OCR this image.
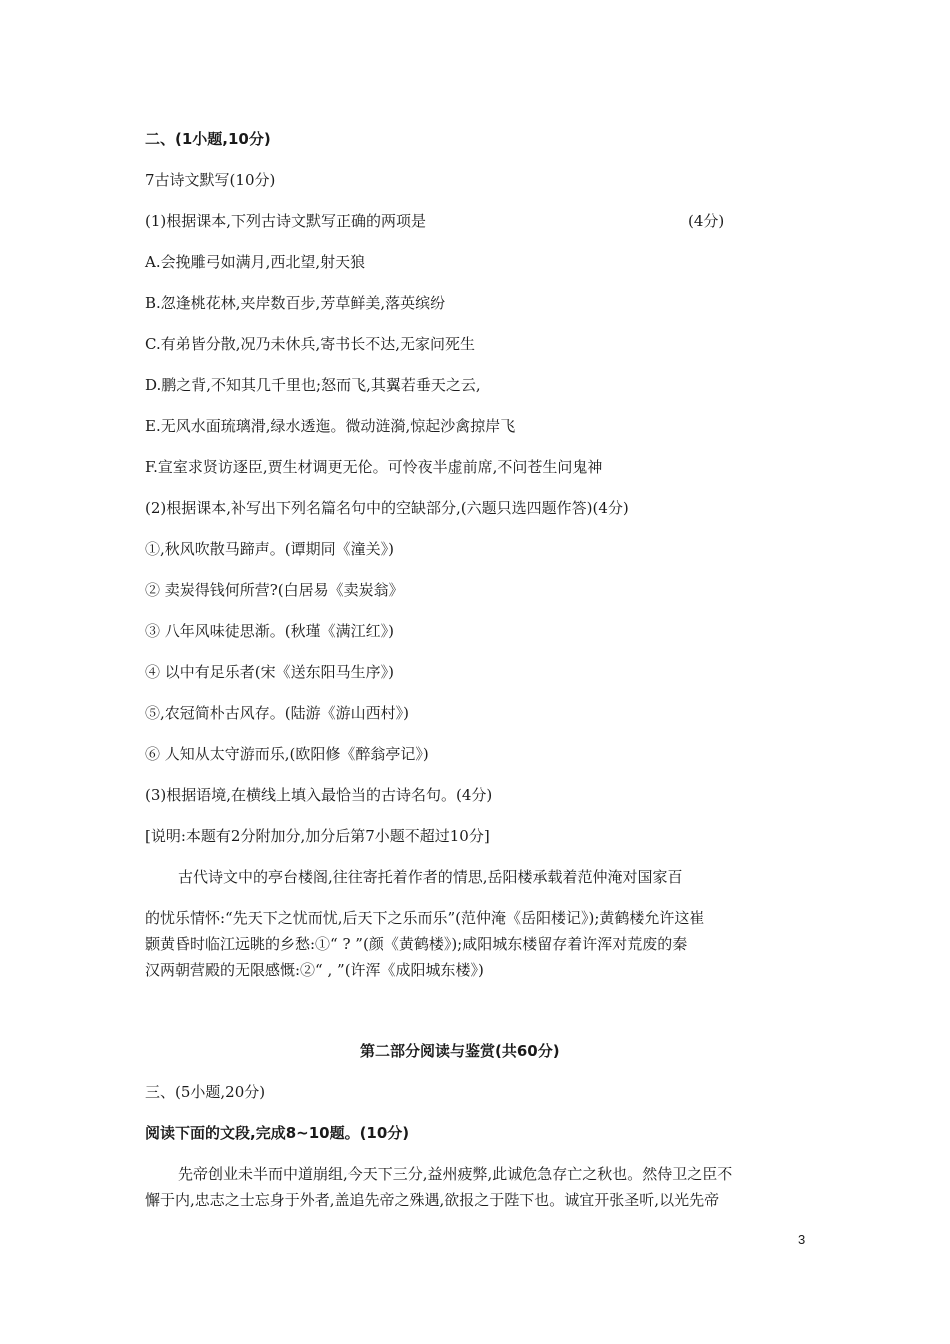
二、(1小题,10分)
7古诗文默写(10分)
(1)根据课本,下列古诗文默写正确的两项是	(4分)
A.会挽雕弓如满月,西北望,射天狼
B.忽逢桃花林,夹岸数百步,芳草鲜美,落英缤纷
C.有弟皆分散,况乃未休兵,寄书长不达,无家问死生
D.鹏之背,不知其几千里也;怒而飞,其翼若垂天之云,
E.无风水面琉璃滑,绿水透迤。微动涟漪,惊起沙禽掠岸飞
F.宣室求贤访逐臣,贾生材调更无伦。可怜夜半虚前席,不问苍生问鬼神
(2)根据课本,补写出下列名篇名句中的空缺部分,(六题只选四题作答)(4分)
①,秋风吹散马蹄声。(谭期同《潼关》)
② 卖炭得钱何所营?(白居易《卖炭翁》
③ 八年风味徒思渐。(秋瑾《满江红》)
④ 以中有足乐者(宋《送东阳马生序》)
⑤,农冠简朴古风存。(陆游《游山西村》)
⑥ 人知从太守游而乐,(欧阳修《醉翁亭记》)
(3)根据语境,在横线上填入最恰当的古诗名句。(4分)
[说明:本题有2分附加分,加分后第7小题不超过10分]
古代诗文中的亭台楼阁,往往寄托着作者的情思,岳阳楼承载着范仲淹对国家百
的忧乐情怀:“先天下之忧而忧,后天下之乐而乐”(范仲淹《岳阳楼记》);黄鹤楼允许这崔
颢黄昏时临江远眺的乡愁:①“ ? ”(颜《黄鹤楼》);咸阳城东楼留存着许浑对荒废的秦
汉两朝营殿的无限感慨:②“ , ”(许浑《成阳城东楼》)
第二部分阅读与鉴赏(共60分)
三、(5小题,20分)
阅读下面的文段,完成8~10题。(10分)
先帝创业未半而中道崩组,今天下三分,益州疲弊,此诚危急存亡之秋也。然侍卫之臣不
懈于内,忠志之士忘身于外者,盖追先帝之殊遇,欲报之于陛下也。诚宜开张圣听,以光先帝
3
